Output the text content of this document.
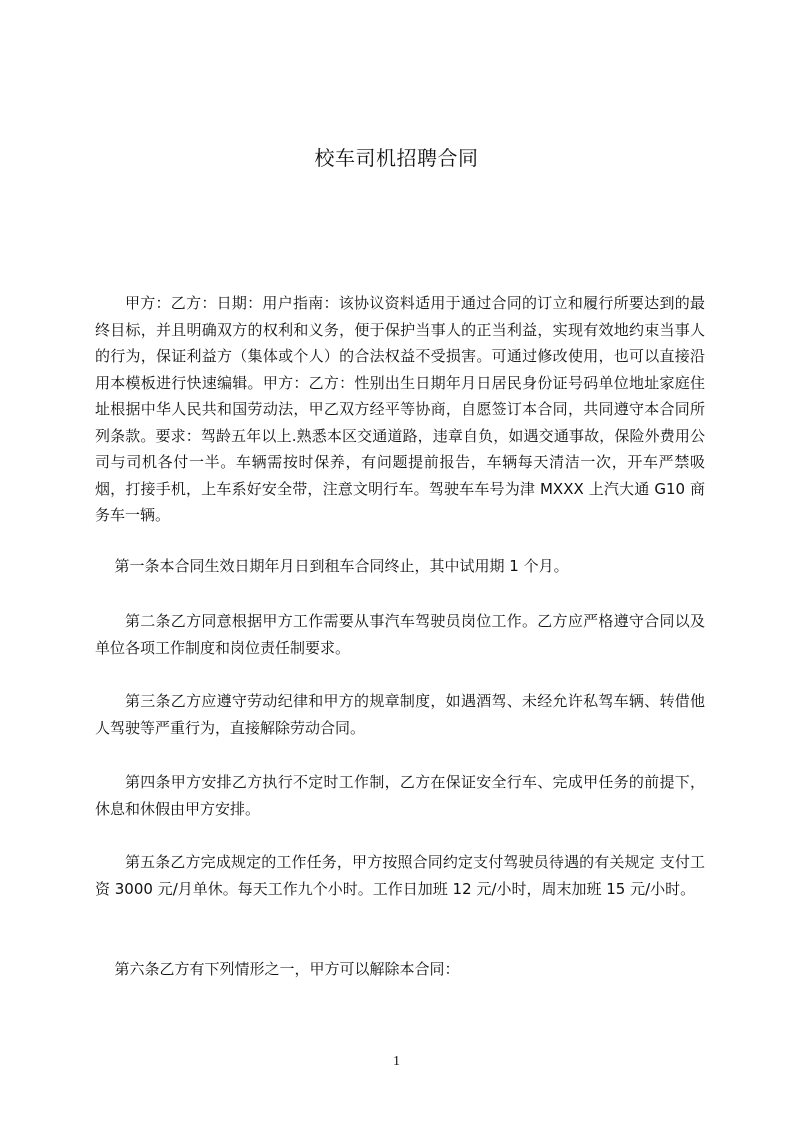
校车司机招聘合同

甲方：乙方：日期：用户指南：该协议资料适用于通过合同的订立和履行所要达到的最终目标，并且明确双方的权利和义务，便于保护当事人的正当利益，实现有效地约束当事人的行为，保证利益方（集体或个人）的合法权益不受损害。可通过修改使用，也可以直接沿用本模板进行快速编辑。甲方：乙方：性别出生日期年月日居民身份证号码单位地址家庭住址根据中华人民共和国劳动法，甲乙双方经平等协商，自愿签订本合同，共同遵守本合同所列条款。要求：驾龄五年以上.熟悉本区交通道路，违章自负，如遇交通事故，保险外费用公司与司机各付一半。车辆需按时保养，有问题提前报告，车辆每天清洁一次，开车严禁吸烟，打接手机，上车系好安全带，注意文明行车。驾驶车车号为津 MXXX 上汽大通 G10 商务车一辆。

第一条本合同生效日期年月日到租车合同终止，其中试用期 1 个月。

第二条乙方同意根据甲方工作需要从事汽车驾驶员岗位工作。乙方应严格遵守合同以及单位各项工作制度和岗位责任制要求。

第三条乙方应遵守劳动纪律和甲方的规章制度，如遇酒驾、未经允许私驾车辆、转借他人驾驶等严重行为，直接解除劳动合同。

第四条甲方安排乙方执行不定时工作制，乙方在保证安全行车、完成甲任务的前提下，休息和休假由甲方安排。

第五条乙方完成规定的工作任务，甲方按照合同约定支付驾驶员待遇的有关规定 支付工资 3000 元/月单休。每天工作九个小时。工作日加班 12 元/小时，周末加班 15 元/小时。

第六条乙方有下列情形之一，甲方可以解除本合同：

1
